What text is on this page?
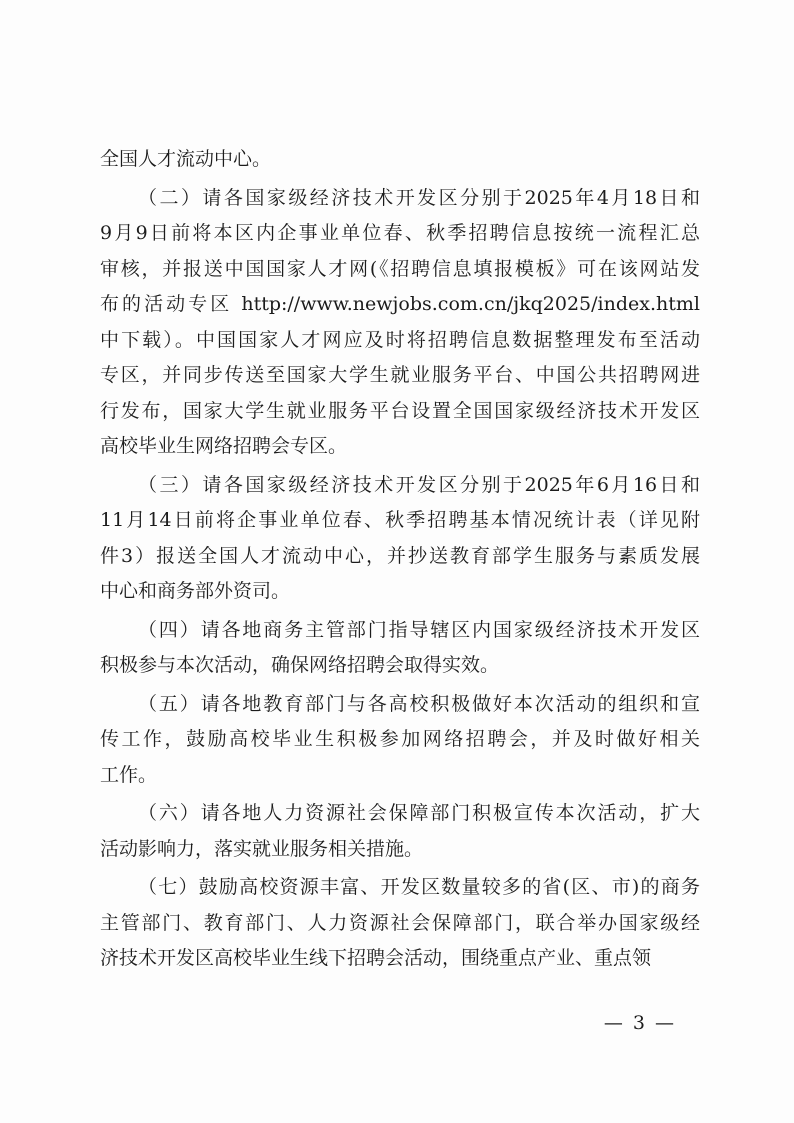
全国人才流动中心。
（二）请各国家级经济技术开发区分别于2025年4月18日和
9月9日前将本区内企事业单位春、秋季招聘信息按统一流程汇总
审核，并报送中国国家人才网(《招聘信息填报模板》可在该网站发
布的活动专区 http://www.newjobs.com.cn/jkq2025/index.html
中下载）。中国国家人才网应及时将招聘信息数据整理发布至活动
专区，并同步传送至国家大学生就业服务平台、中国公共招聘网进
行发布，国家大学生就业服务平台设置全国国家级经济技术开发区
高校毕业生网络招聘会专区。
（三）请各国家级经济技术开发区分别于2025年6月16日和
11月14日前将企事业单位春、秋季招聘基本情况统计表（详见附
件3）报送全国人才流动中心，并抄送教育部学生服务与素质发展
中心和商务部外资司。
（四）请各地商务主管部门指导辖区内国家级经济技术开发区
积极参与本次活动，确保网络招聘会取得实效。
（五）请各地教育部门与各高校积极做好本次活动的组织和宣
传工作，鼓励高校毕业生积极参加网络招聘会，并及时做好相关
工作。
（六）请各地人力资源社会保障部门积极宣传本次活动，扩大
活动影响力，落实就业服务相关措施。
（七）鼓励高校资源丰富、开发区数量较多的省(区、市)的商务
主管部门、教育部门、人力资源社会保障部门，联合举办国家级经
济技术开发区高校毕业生线下招聘会活动，围绕重点产业、重点领
— 3 —
